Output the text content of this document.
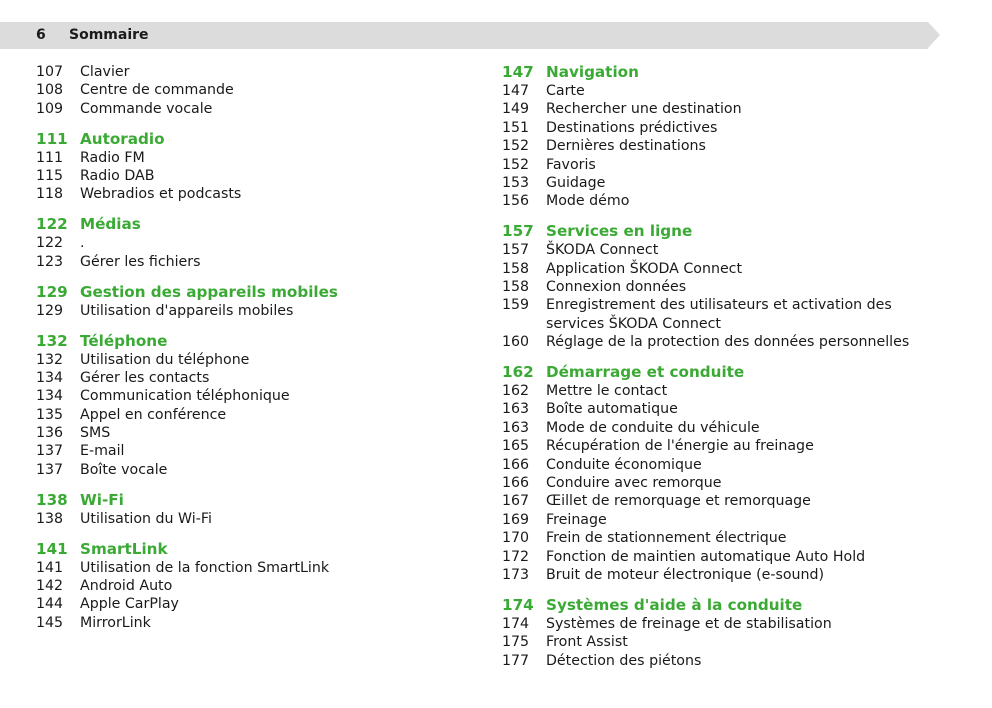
6 Sommaire
107	Clavier
108	Centre de commande
109	Commande vocale
111 Autoradio
111	Radio FM
115	Radio DAB
118	Webradios et podcasts
122 Médias
122	.
123	Gérer les fichiers
129 Gestion des appareils mobiles
129	Utilisation d'appareils mobiles
132 Téléphone
132	Utilisation du téléphone
134	Gérer les contacts
134	Communication téléphonique
135	Appel en conférence
136	SMS
137	E-mail
137	Boîte vocale
138 Wi-Fi
138	Utilisation du Wi-Fi
141 SmartLink
141	Utilisation de la fonction SmartLink
142	Android Auto
144	Apple CarPlay
145	MirrorLink
147 Navigation
147	Carte
149	Rechercher une destination
151	Destinations prédictives
152	Dernières destinations
152	Favoris
153	Guidage
156	Mode démo
157 Services en ligne
157	ŠKODA Connect
158	Application ŠKODA Connect
158	Connexion données
159	Enregistrement des utilisateurs et activation des services ŠKODA Connect
160	Réglage de la protection des données personnelles
162 Démarrage et conduite
162	Mettre le contact
163	Boîte automatique
163	Mode de conduite du véhicule
165	Récupération de l'énergie au freinage
166	Conduite économique
166	Conduire avec remorque
167	Œillet de remorquage et remorquage
169	Freinage
170	Frein de stationnement électrique
172	Fonction de maintien automatique Auto Hold
173	Bruit de moteur électronique (e-sound)
174 Systèmes d'aide à la conduite
174	Systèmes de freinage et de stabilisation
175	Front Assist
177	Détection des piétons
